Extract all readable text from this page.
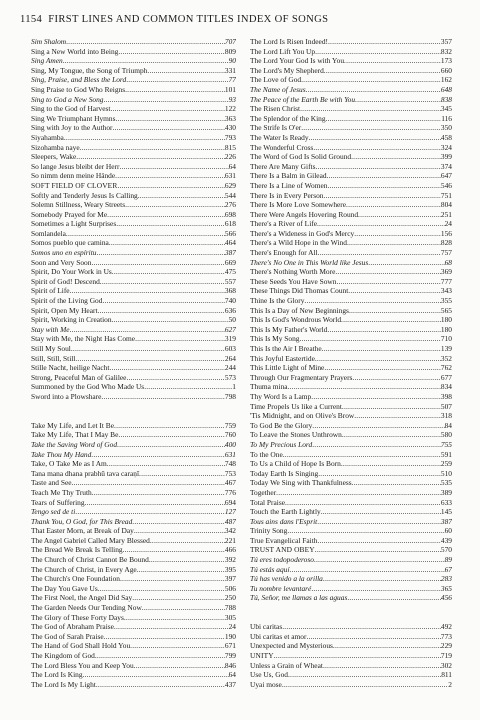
1154 FIRST LINES AND COMMON TITLES INDEX OF SONGS
Sim Shalom .....	707
Sing a New World into Being .....	809
Sing Amen .....	90
Sing, My Tongue, the Song of Triumph .....	331
Sing, Praise, and Bless the Lord .....	77
Sing Praise to God Who Reigns .....	101
Sing to God a New Song .....	93
Sing to the God of Harvest .....	122
Sing We Triumphant Hymns .....	363
Sing with Joy to the Author .....	430
Siyahamba .....	793
Sizohamba naye .....	815
Sleepers, Wake .....	226
So lange Jesus bleibt der Herr .....	64
So nimm denn meine Hände .....	631
SOFT FIELD OF CLOVER .....	629
Softly and Tenderly Jesus Is Calling .....	544
Solemn Stillness, Weary Streets .....	276
Somebody Prayed for Me .....	698
Sometimes a Light Surprises .....	618
Somlandela .....	566
Somos pueblo que camina .....	464
Somos uno en espíritu .....	387
Soon and Very Soon .....	669
Spirit, Do Your Work in Us .....	475
Spirit of God! Descend .....	557
Spirit of Life .....	368
Spirit of the Living God .....	740
Spirit, Open My Heart .....	636
Spirit, Working in Creation .....	50
Stay with Me .....	627
Stay with Me, the Night Has Come .....	319
Still My Soul .....	603
Still, Still, Still .....	264
Stille Nacht, heilige Nacht .....	244
Strong, Peaceful Man of Galilee .....	573
Summoned by the God Who Made Us .....	1
Sword into a Plowshare .....	798
Take My Life, and Let It Be .....	759
Take My Life, That I May Be .....	760
Take the Saving Word of God .....	400
Take Thou My Hand .....	631
Take, O Take Me as I Am .....	748
Tana mana dhana prabhū tava caraṇī .....	753
Taste and See .....	467
Teach Me Thy Truth .....	776
Tears of Suffering .....	694
Tengo sed de ti .....	127
Thank You, O God, for This Bread .....	487
That Easter Morn, at Break of Day .....	342
The Angel Gabriel Called Mary Blessed .....	221
The Bread We Break Is Telling .....	466
The Church of Christ Cannot Be Bound .....	392
The Church of Christ, in Every Age .....	395
The Church's One Foundation .....	397
The Day You Gave Us .....	506
The First Noel, the Angel Did Say .....	250
The Garden Needs Our Tending Now .....	788
The Glory of These Forty Days .....	305
The God of Abraham Praise .....	24
The God of Sarah Praise .....	190
The Hand of God Shall Hold You .....	671
The Kingdom of God .....	799
The Lord Bless You and Keep You .....	846
The Lord Is King .....	64
The Lord Is My Light .....	437
The Lord Is Risen Indeed! .....	357
The Lord Lift You Up .....	832
The Lord Your God Is with You .....	173
The Lord's My Shepherd .....	660
The Love of God .....	162
The Name of Jesus .....	648
The Peace of the Earth Be with You .....	838
The Risen Christ .....	345
The Splendor of the King .....	116
The Strife Is O'er .....	350
The Water Is Ready .....	458
The Wonderful Cross .....	324
The Word of God Is Solid Ground .....	399
There Are Many Gifts .....	374
There Is a Balm in Gilead .....	647
There Is a Line of Women .....	546
There Is in Every Person .....	751
There Is More Love Somewhere .....	804
There Were Angels Hovering Round .....	251
There's a River of Life .....	24
There's a Wideness in God's Mercy .....	156
There's a Wild Hope in the Wind .....	828
There's Enough for All .....	757
There's No One in This World like Jesus .....	68
There's Nothing Worth More .....	369
These Seeds You Have Sown .....	777
These Things Did Thomas Count .....	343
Thine Is the Glory .....	355
This Is a Day of New Beginnings .....	565
This Is God's Wondrous World .....	180
This Is My Father's World .....	180
This Is My Song .....	710
This Is the Air I Breathe .....	139
This Joyful Eastertide .....	352
This Little Light of Mine .....	762
Through Our Fragmentary Prayers .....	677
Thuma mina .....	834
Thy Word Is a Lamp .....	398
Time Propels Us like a Current .....	507
'Tis Midnight, and on Olive's Brow .....	318
To God Be the Glory .....	84
To Leave the Stones Unthrown .....	580
To My Precious Lord .....	755
To the One .....	591
To Us a Child of Hope Is Born .....	259
Today Earth Is Singing .....	510
Today We Sing with Thankfulness .....	535
Together .....	389
Total Praise .....	633
Touch the Earth Lightly .....	145
Tous ains dans l'Esprit .....	387
Trinity Song .....	60
True Evangelical Faith .....	439
TRUST AND OBEY .....	570
Tú eres todopoderoso .....	89
Tú estás aquí .....	67
Tú has venido a la orilla .....	283
Tu nombre levantaré .....	365
Tú, Señor, me llamas a las aguas .....	456
Ubi caritas .....	492
Ubi caritas et amor .....	773
Unexpected and Mysterious .....	229
UNITY .....	719
Unless a Grain of Wheat .....	302
Use Us, God .....	811
Uyai mose .....	2
